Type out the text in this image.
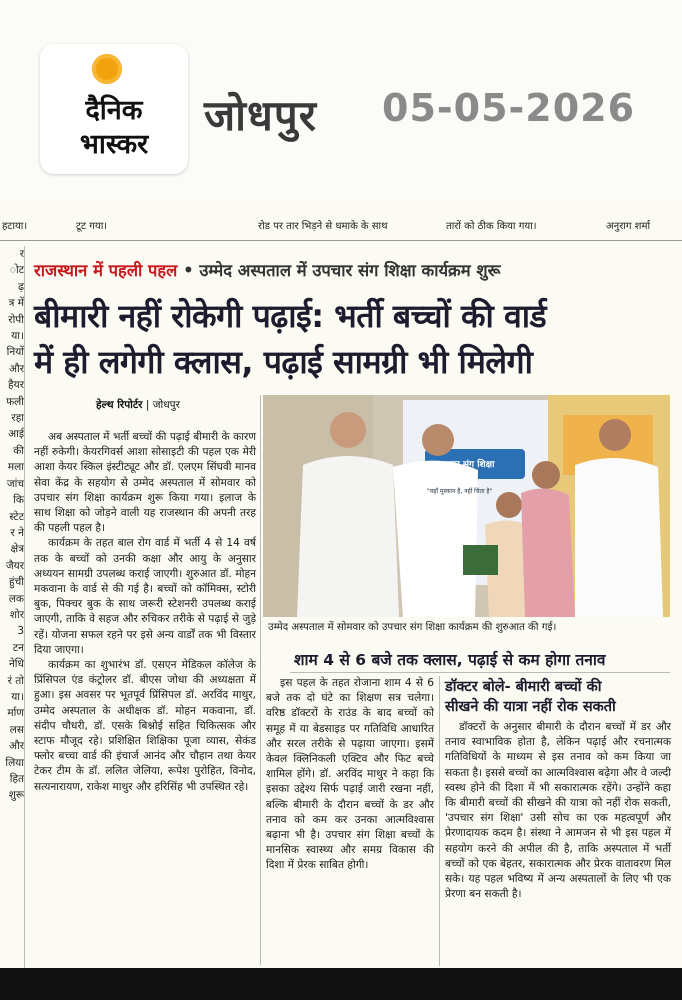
दैनिक
भास्कर
जोधपुर 05-05-2026
हटाया।	टूट गया।	रोड पर तार भिड़ने से धमाके के साथ	तारों को ठीक किया गया।	अनुराग शर्मा
र
ोट
ढ़
त्र में
रोपी
या।
नियों
और
हैयर
फली
रहा
आई
की
मला
जांच
कि
स्टेट
र ने
क्षेत्र
जैयर
हुंची
लक
शोर
3
टन
नेधि
रं तो
या।
र्माण
लस
और
लिया
हित
शुरू
राजस्थान में पहली पहल • उम्मेद अस्पताल में उपचार संग शिक्षा कार्यक्रम शुरू
बीमारी नहीं रोकेगी पढ़ाई: भर्ती बच्चों की वार्ड
में ही लगेगी क्लास, पढ़ाई सामग्री भी मिलेगी
हेल्थ रिपोर्टर | जोधपुर

अब अस्पताल में भर्ती बच्चों की पढ़ाई बीमारी के कारण नहीं रुकेगी। केयरगिवर्स आशा सोसाइटी की पहल एक मेरी आशा केयर स्किल इंस्टीट्यूट और डॉ. एलएम सिंघवी मानव सेवा केंद्र के सहयोग से उम्मेद अस्पताल में सोमवार को उपचार संग शिक्षा कार्यक्रम शुरू किया गया। इलाज के साथ शिक्षा को जोड़ने वाली यह राजस्थान की अपनी तरह की पहली पहल है।

कार्यक्रम के तहत बाल रोग वार्ड में भर्ती 4 से 14 वर्ष तक के बच्चों को उनकी कक्षा और आयु के अनुसार अध्ययन सामग्री उपलब्ध कराई जाएगी। शुरुआत डॉ. मोहन मकवाना के वार्ड से की गई है। बच्चों को कॉमिक्स, स्टोरी बुक, पिक्चर बुक के साथ जरूरी स्टेशनरी उपलब्ध कराई जाएगी, ताकि वे सहज और रुचिकर तरीके से पढ़ाई से जुड़े रहें। योजना सफल रहने पर इसे अन्य वार्डों तक भी विस्तार दिया जाएगा।

कार्यक्रम का शुभारंभ डॉ. एसएन मेडिकल कॉलेज के प्रिंसिपल एंड कंट्रोलर डॉ. बीएस जोधा की अध्यक्षता में हुआ। इस अवसर पर भूतपूर्व प्रिंसिपल डॉ. अरविंद माथुर, उम्मेद अस्पताल के अधीक्षक डॉ. मोहन मकवाना, डॉ. संदीप चौधरी, डॉ. एसके बिश्नोई सहित चिकित्सक और स्टाफ मौजूद रहे। प्रशिक्षित शिक्षिका पूजा व्यास, सेकंड फ्लोर बच्चा वार्ड की इंचार्ज आनंद और चौहान तथा केयर टेकर टीम के डॉ. ललित जेलिया, रूपेश पुरोहित, विनोद, सत्यनारायण, राकेश माथुर और हरिसिंह भी उपस्थित रहे।

उपचार संग शिक्षा
"यहाँ मुस्कान है, नहीं चिंता है"
उम्मेद अस्पताल में सोमवार को उपचार संग शिक्षा कार्यक्रम की शुरुआत की गई।
शाम 4 से 6 बजे तक क्लास, पढ़ाई से कम होगा तनाव

इस पहल के तहत रोजाना शाम 4 से 6 बजे तक दो घंटे का शिक्षण सत्र चलेगा। वरिष्ठ डॉक्टरों के राउंड के बाद बच्चों को समूह में या बेडसाइड पर गतिविधि आधारित और सरल तरीके से पढ़ाया जाएगा। इसमें केवल क्लिनिकली एक्टिव और फिट बच्चे शामिल होंगे। डॉ. अरविंद माथुर ने कहा कि इसका उद्देश्य सिर्फ पढ़ाई जारी रखना नहीं, बल्कि बीमारी के दौरान बच्चों के डर और तनाव को कम कर उनका आत्मविश्वास बढ़ाना भी है। उपचार संग शिक्षा बच्चों के मानसिक स्वास्थ्य और समग्र विकास की दिशा में प्रेरक साबित होगी।

डॉक्टर बोले- बीमारी बच्चों की
सीखने की यात्रा नहीं रोक सकती

डॉक्टरों के अनुसार बीमारी के दौरान बच्चों में डर और तनाव स्वाभाविक होता है, लेकिन पढ़ाई और रचनात्मक गतिविधियों के माध्यम से इस तनाव को कम किया जा सकता है। इससे बच्चों का आत्मविश्वास बढ़ेगा और वे जल्दी स्वस्थ होने की दिशा में भी सकारात्मक रहेंगे। उन्होंने कहा कि बीमारी बच्चों की सीखने की यात्रा को नहीं रोक सकती, 'उपचार संग शिक्षा' उसी सोच का एक महत्वपूर्ण और प्रेरणादायक कदम है। संस्था ने आमजन से भी इस पहल में सहयोग करने की अपील की है, ताकि अस्पताल में भर्ती बच्चों को एक बेहतर, सकारात्मक और प्रेरक वातावरण मिल सके। यह पहल भविष्य में अन्य अस्पतालों के लिए भी एक प्रेरणा बन सकती है।
